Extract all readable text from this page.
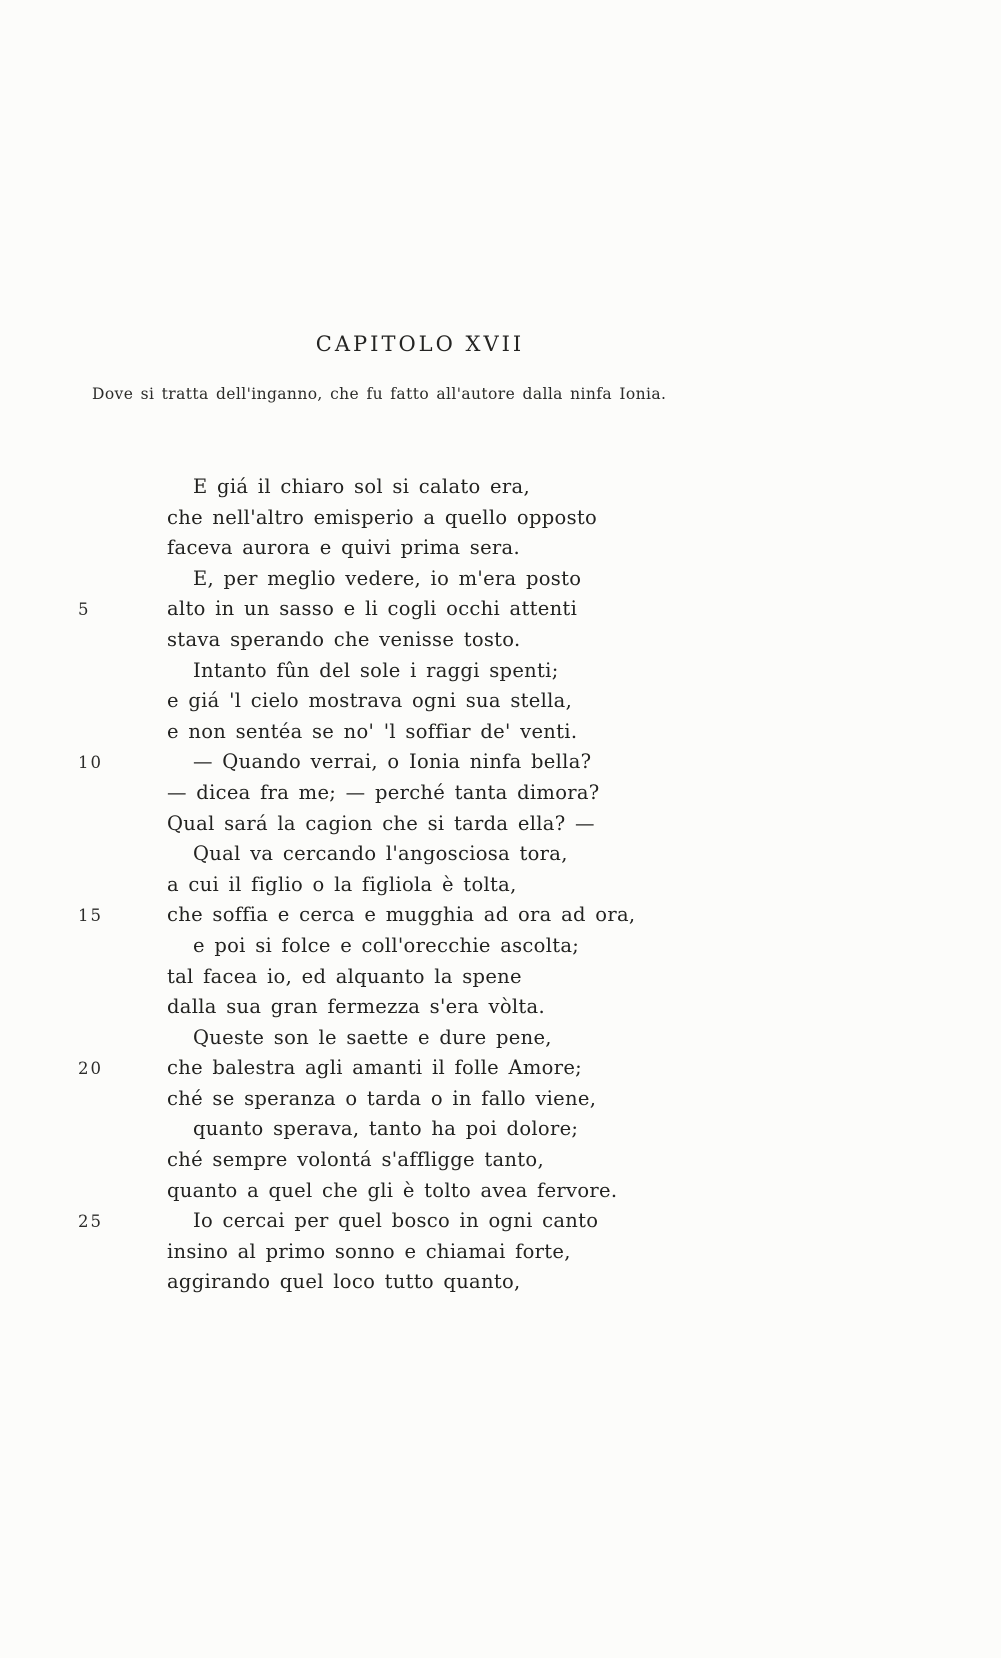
CAPITOLO XVII

Dove si tratta dell'inganno, che fu fatto all'autore dalla ninfa Ionia.

E giá il chiaro sol si calato era,
che nell'altro emisperio a quello opposto
faceva aurora e quivi prima sera.
E, per meglio vedere, io m'era posto
5	alto in un sasso e li cogli occhi attenti
stava sperando che venisse tosto.
Intanto fûn del sole i raggi spenti;
e giá 'l cielo mostrava ogni sua stella,
e non sentéa se no' 'l soffiar de' venti.
10	— Quando verrai, o Ionia ninfa bella?
— dicea fra me; — perché tanta dimora?
Qual sará la cagion che si tarda ella? —
Qual va cercando l'angosciosa tora,
a cui il figlio o la figliola è tolta,
15	che soffia e cerca e mugghia ad ora ad ora,
e poi si folce e coll'orecchie ascolta;
tal facea io, ed alquanto la spene
dalla sua gran fermezza s'era vòlta.
Queste son le saette e dure pene,
20	che balestra agli amanti il folle Amore;
ché se speranza o tarda o in fallo viene,
quanto sperava, tanto ha poi dolore;
ché sempre volontá s'affligge tanto,
quanto a quel che gli è tolto avea fervore.
25	Io cercai per quel bosco in ogni canto
insino al primo sonno e chiamai forte,
aggirando quel loco tutto quanto,
